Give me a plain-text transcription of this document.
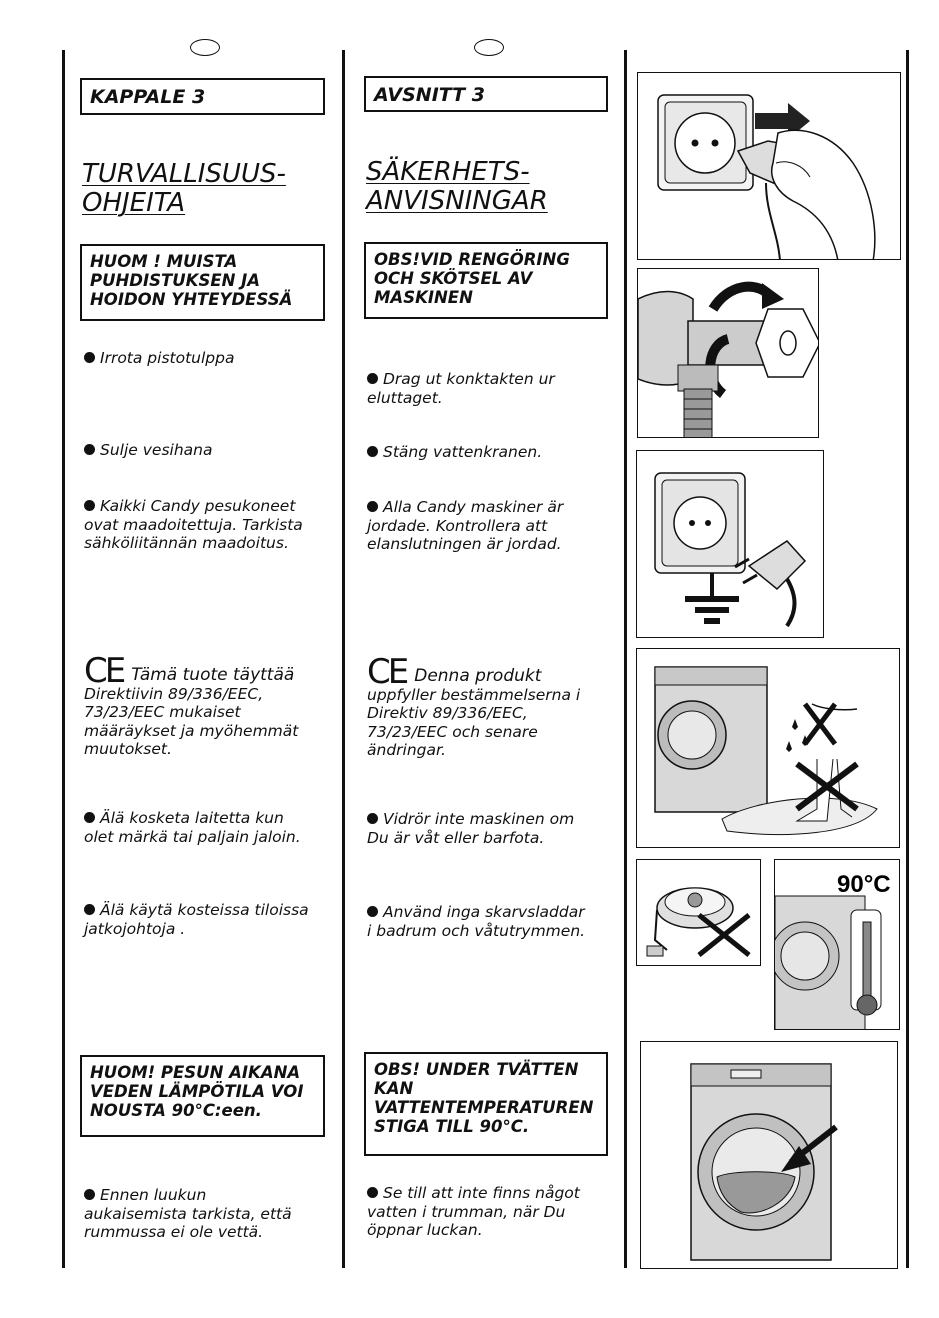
KAPPALE 3
TURVALLISUUS-
OHJEITA
HUOM ! MUISTA
PUHDISTUKSEN JA
HOIDON YHTEYDESSÄ
Irrota pistotulppa
Sulje vesihana
Kaikki Candy pesukoneet
ovat maadoitettuja. Tarkista
sähköliitännän maadoitus.
CE Tämä tuote täyttää
Direktiivin 89/336/EEC,
73/23/EEC mukaiset
määräykset ja myöhemmät
muutokset.
Älä kosketa laitetta kun
olet märkä tai paljain jaloin.
Älä käytä kosteissa tiloissa
jatkojohtoja .
HUOM! PESUN AIKANA
VEDEN LÄMPÖTILA VOI
NOUSTA 90°C:een.
Ennen luukun
aukaisemista tarkista, että
rummussa ei ole vettä.
AVSNITT 3
SÄKERHETS-
ANVISNINGAR
OBS!VID RENGÖRING
OCH SKÖTSEL AV
MASKINEN
Drag ut konktakten ur
eluttaget.
Stäng vattenkranen.
Alla Candy maskiner är
jordade. Kontrollera att
elanslutningen är jordad.
CE Denna produkt
uppfyller bestämmelserna i
Direktiv 89/336/EEC,
73/23/EEC och senare
ändringar.
Vidrör inte maskinen om
Du är våt eller barfota.
Använd inga skarvsladdar
i badrum och våtutrymmen.
OBS! UNDER TVÄTTEN
KAN
VATTENTEMPERATUREN
STIGA TILL 90°C.
Se till att inte finns något
vatten i trumman, när Du
öppnar luckan.
90°C
